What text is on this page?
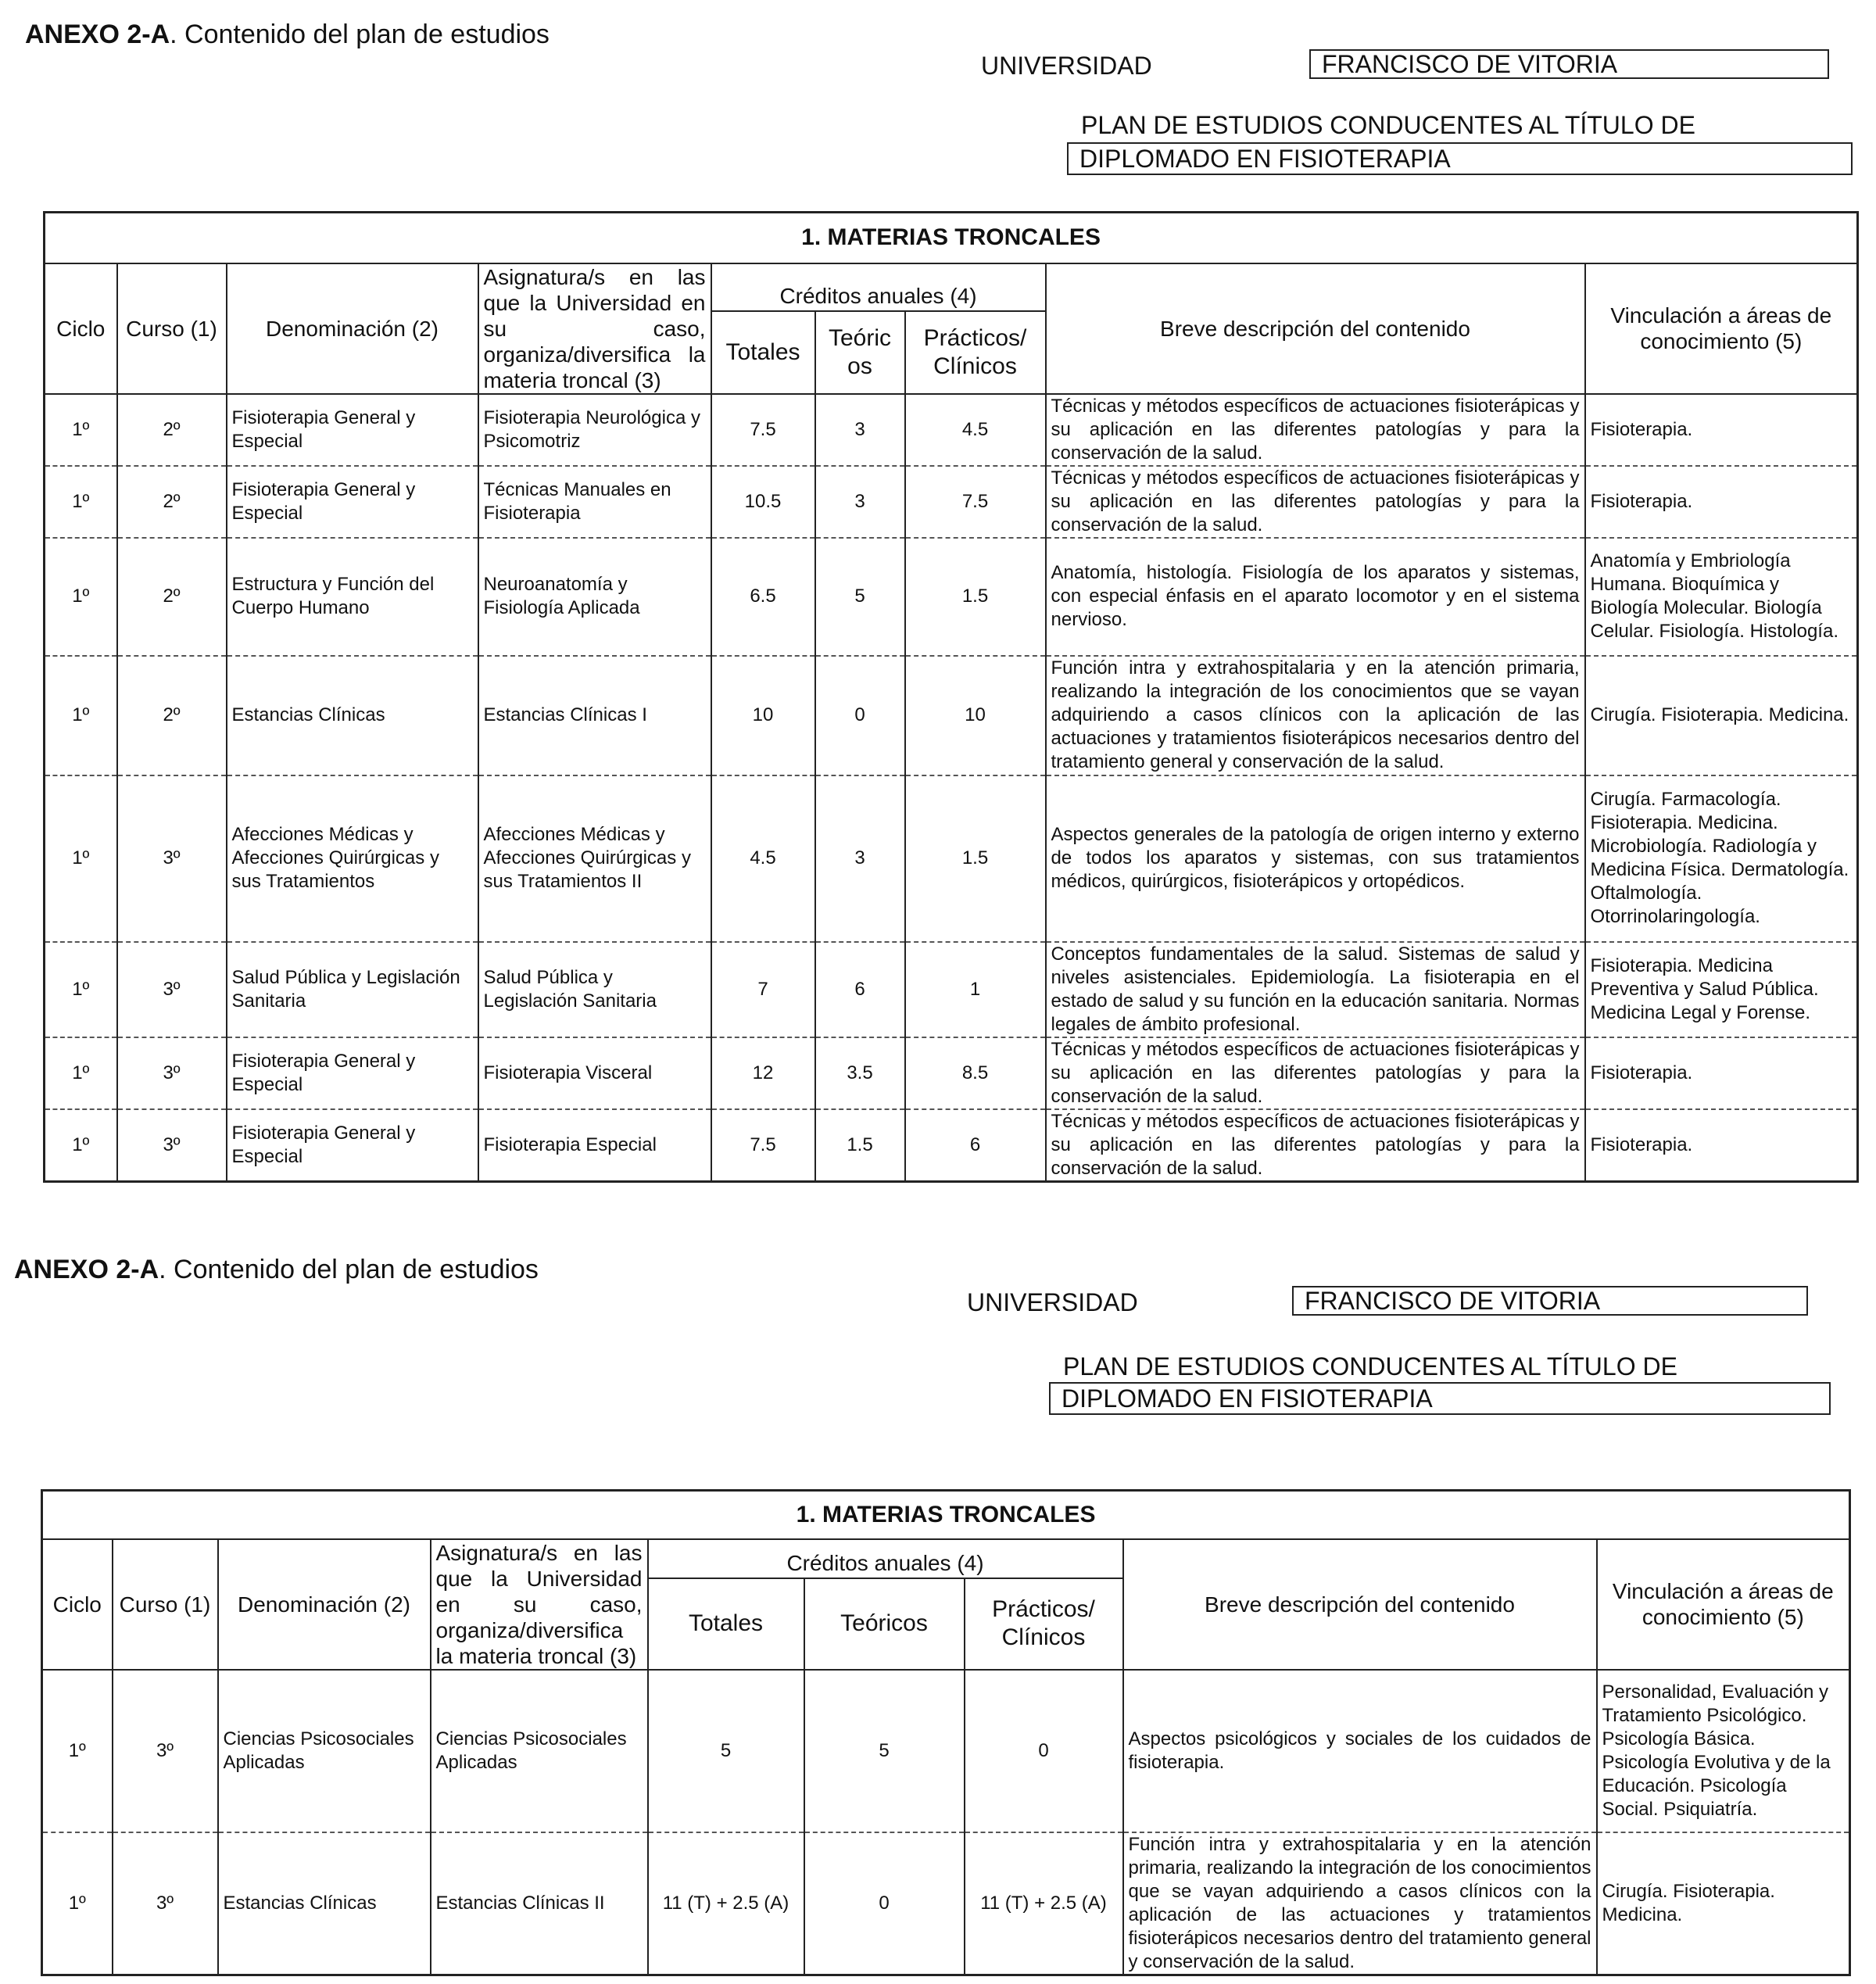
ANEXO 2-A. Contenido del plan de estudios
UNIVERSIDAD	FRANCISCO DE VITORIA
PLAN DE ESTUDIOS CONDUCENTES AL TÍTULO DE
DIPLOMADO EN FISIOTERAPIA
1. MATERIAS TRONCALES								
Ciclo	Curso (1)	Denominación (2)	Asignatura/s en las que la Universidad en su caso, organiza/diversifica la materia troncal (3)	Créditos anuales (4)			Breve descripción del contenido	Vinculación a áreas de conocimiento (5)
				Totales	Teóric os	Prácticos/ Clínicos		
1º	2º	Fisioterapia General y Especial	Fisioterapia Neurológica y Psicomotriz	7.5	3	4.5	Técnicas y métodos específicos de actuaciones fisioterápicas y su aplicación en las diferentes patologías y para la conservación de la salud.	Fisioterapia.
1º	2º	Fisioterapia General y Especial	Técnicas Manuales en Fisioterapia	10.5	3	7.5	Técnicas y métodos específicos de actuaciones fisioterápicas y su aplicación en las diferentes patologías y para la conservación de la salud.	Fisioterapia.
1º	2º	Estructura y Función del Cuerpo Humano	Neuroanatomía y Fisiología Aplicada	6.5	5	1.5	Anatomía, histología. Fisiología de los aparatos y sistemas, con especial énfasis en el aparato locomotor y en el sistema nervioso.	Anatomía y Embriología Humana. Bioquímica y Biología Molecular. Biología Celular. Fisiología. Histología.
1º	2º	Estancias Clínicas	Estancias Clínicas I	10	0	10	Función intra y extrahospitalaria y en la atención primaria, realizando la integración de los conocimientos que se vayan adquiriendo a casos clínicos con la aplicación de las actuaciones y tratamientos fisioterápicos necesarios dentro del tratamiento general y conservación de la salud.	Cirugía. Fisioterapia. Medicina.
1º	3º	Afecciones Médicas y Afecciones Quirúrgicas y sus Tratamientos	Afecciones Médicas y Afecciones Quirúrgicas y sus Tratamientos II	4.5	3	1.5	Aspectos generales de la patología de origen interno y externo de todos los aparatos y sistemas, con sus tratamientos médicos, quirúrgicos, fisioterápicos y ortopédicos.	Cirugía. Farmacología. Fisioterapia. Medicina. Microbiología. Radiología y Medicina Física. Dermatología. Oftalmología. Otorrinolaringología.
1º	3º	Salud Pública y Legislación Sanitaria	Salud Pública y Legislación Sanitaria	7	6	1	Conceptos fundamentales de la salud. Sistemas de salud y niveles asistenciales. Epidemiología. La fisioterapia en el estado de salud y su función en la educación sanitaria. Normas legales de ámbito profesional.	Fisioterapia. Medicina Preventiva y Salud Pública. Medicina Legal y Forense.
1º	3º	Fisioterapia General y Especial	Fisioterapia Visceral	12	3.5	8.5	Técnicas y métodos específicos de actuaciones fisioterápicas y su aplicación en las diferentes patologías y para la conservación de la salud.	Fisioterapia.
1º	3º	Fisioterapia General y Especial	Fisioterapia Especial	7.5	1.5	6	Técnicas y métodos específicos de actuaciones fisioterápicas y su aplicación en las diferentes patologías y para la conservación de la salud.	Fisioterapia.
ANEXO 2-A. Contenido del plan de estudios
UNIVERSIDAD	FRANCISCO DE VITORIA
PLAN DE ESTUDIOS CONDUCENTES AL TÍTULO DE
DIPLOMADO EN FISIOTERAPIA
1. MATERIAS TRONCALES								
Ciclo	Curso (1)	Denominación (2)	Asignatura/s en las que la Universidad en su caso, organiza/diversifica la materia troncal (3)	Créditos anuales (4)			Breve descripción del contenido	Vinculación a áreas de conocimiento (5)
				Totales	Teóricos	Prácticos/ Clínicos		
1º	3º	Ciencias Psicosociales Aplicadas	Ciencias Psicosociales Aplicadas	5	5	0	Aspectos psicológicos y sociales de los cuidados de fisioterapia.	Personalidad, Evaluación y Tratamiento Psicológico. Psicología Básica. Psicología Evolutiva y de la Educación. Psicología Social. Psiquiatría.
1º	3º	Estancias Clínicas	Estancias Clínicas II	11 (T) + 2.5 (A)	0	11 (T) + 2.5 (A)	Función intra y extrahospitalaria y en la atención primaria, realizando la integración de los conocimientos que se vayan adquiriendo a casos clínicos con la aplicación de las actuaciones y tratamientos fisioterápicos necesarios dentro del tratamiento general y conservación de la salud.	Cirugía. Fisioterapia. Medicina.
